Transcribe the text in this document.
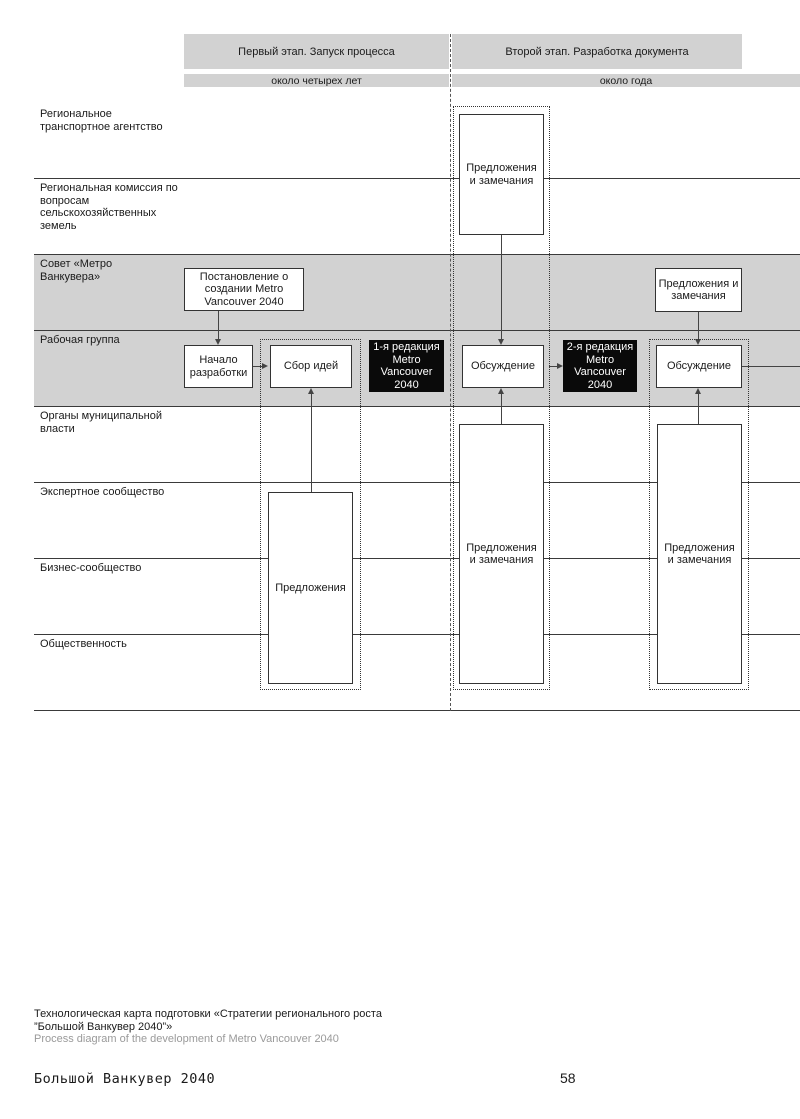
Первый этап. Запуск процесса	Второй этап. Разработка документа
около четырех лет	около года
Региональное транспортное агентство
Региональная комиссия по вопросам сельскохозяйственных земель
Совет «Метро Ванкувера»
Рабочая группа
Органы муниципальной власти
Экспертное сообщество
Бизнес-сообщество
Общественность
Постановление о создании Metro Vancouver 2040
Начало разработки
Сбор идей
Предложения
1-я редакция Metro Vancouver 2040
Предложения и замечания
Обсуждение
Предложения и замечания
2-я редакция Metro Vancouver 2040
Предложения и замечания
Обсуждение
Предложения и замечания
Технологическая карта подготовки «Стратегии регионального роста
”Большой Ванкувер 2040”»
Process diagram of the development of Metro Vancouver 2040
Большой Ванкувер 2040	58
